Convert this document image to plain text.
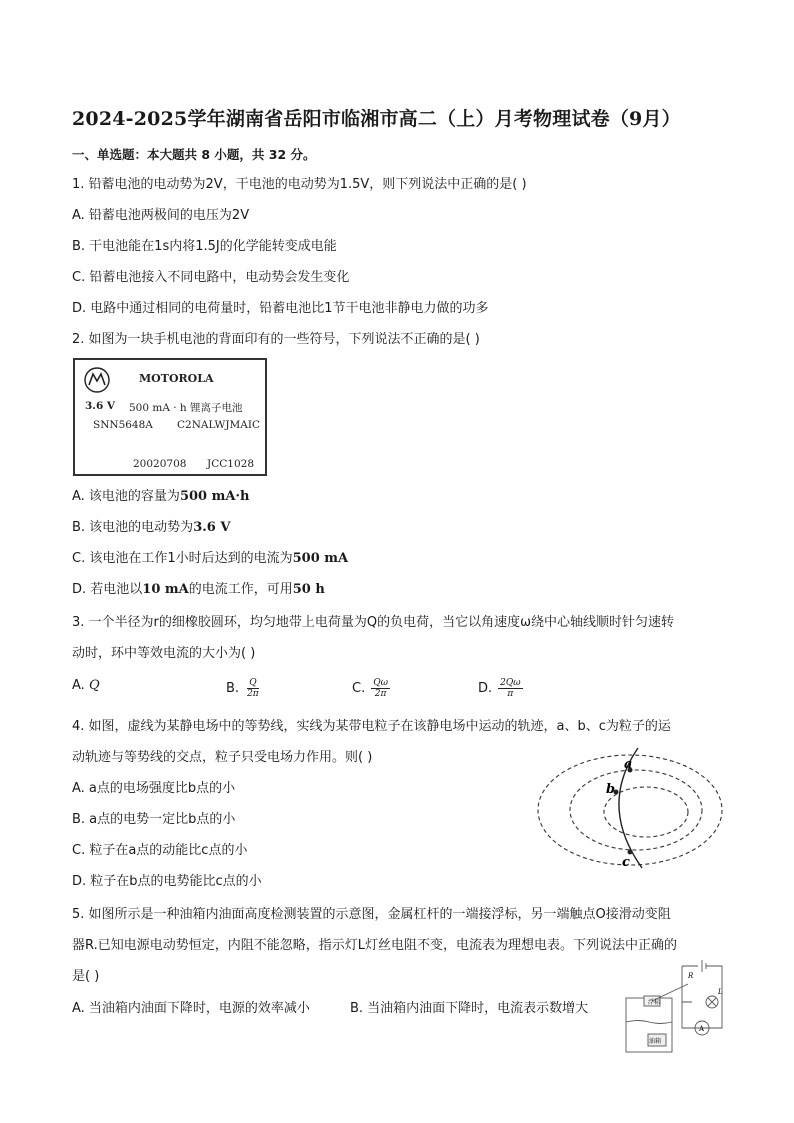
2024-2025学年湖南省岳阳市临湘市高二（上）月考物理试卷（9月）
一、单选题：本大题共 8 小题，共 32 分。
1. 铅蓄电池的电动势为2V，干电池的电动势为1.5V，则下列说法中正确的是( )
A. 铅蓄电池两极间的电压为2V
B. 干电池能在1s内将1.5J的化学能转变成电能
C. 铅蓄电池接入不同电路中，电动势会发生变化
D. 电路中通过相同的电荷量时，铅蓄电池比1节干电池非静电力做的功多
2. 如图为一块手机电池的背面印有的一些符号，下列说法不正确的是( )
MOTOROLA
3.6 V 500 mA · h 锂离子电池
SNN5648A C2NALWJMAIC
20020708 JCC1028
A. 该电池的容量为500 mA·h
B. 该电池的电动势为3.6 V
C. 该电池在工作1小时后达到的电流为500 mA
D. 若电池以10 mA的电流工作，可用50 h
3. 一个半径为r的细橡胶圆环，均匀地带上电荷量为Q的负电荷，当它以角速度ω绕中心轴线顺时针匀速转
动时，环中等效电流的大小为( )
A. Q	B. $\frac{Q}{2\pi}$	C. $\frac{Q\omega}{2\pi}$	D. $\frac{2Q\omega}{\pi}$
4. 如图，虚线为某静电场中的等势线，实线为某带电粒子在该静电场中运动的轨迹，a、b、c为粒子的运
动轨迹与等势线的交点，粒子只受电场力作用。则( )
A. a点的电场强度比b点的小
B. a点的电势一定比b点的小
C. 粒子在a点的动能比c点的小
D. 粒子在b点的电势能比c点的小
a
b
c
5. 如图所示是一种油箱内油面高度检测装置的示意图，金属杠杆的一端接浮标，另一端触点O接滑动变阻
器R.已知电源电动势恒定，内阻不能忽略，指示灯L灯丝电阻不变，电流表为理想电表。下列说法中正确的
是( )
A. 当油箱内油面下降时，电源的效率减小	B. 当油箱内油面下降时，电流表示数增大	浮标
油箱
R
L
A
